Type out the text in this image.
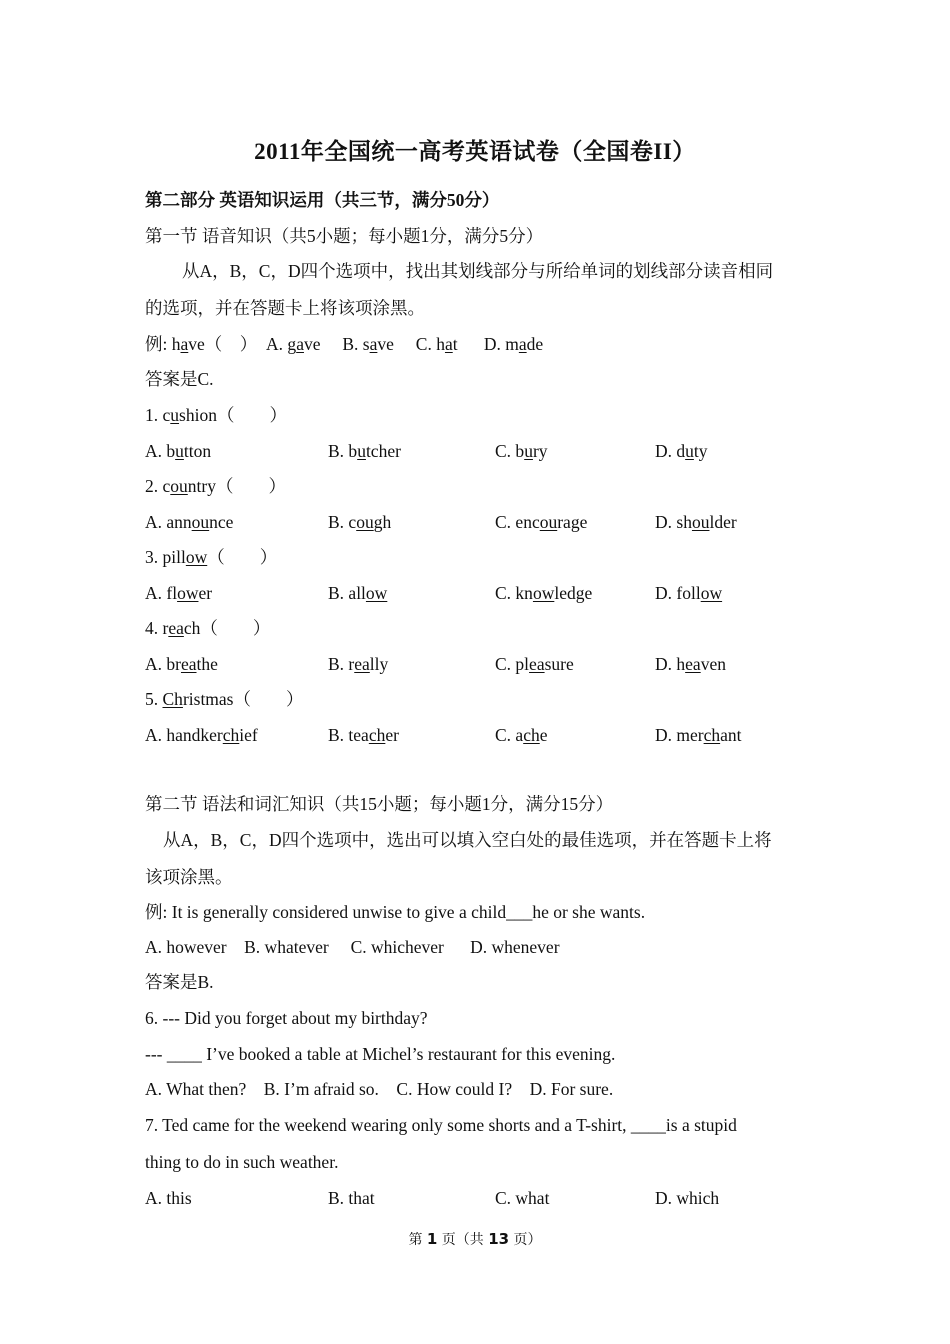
2011年全国统一高考英语试卷（全国卷II）
第二部分 英语知识运用（共三节，满分50分）
第一节 语音知识（共5小题；每小题1分，满分5分）
从A，B，C，D四个选项中，找出其划线部分与所给单词的划线部分读音相同
的选项，并在答题卡上将该项涂黑。
例: have（    ）  A. gave     B. save     C. hat      D. made
答案是C.
1. cushion（        ）
A. button	B. butcher	C. bury	D. duty
2. country（        ）
A. announce	B. cough	C. encourage	D. shoulder
3. pillow（        ）
A. flower	B. allow	C. knowledge	D. follow
4. reach（        ）
A. breathe	B. really	C. pleasure	D. heaven
5. Christmas（        ）
A. handkerchief	B. teacher	C. ache	D. merchant
第二节 语法和词汇知识（共15小题；每小题1分，满分15分）
从A，B，C，D四个选项中，选出可以填入空白处的最佳选项，并在答题卡上将
该项涂黑。
例: It is generally considered unwise to give a child___he or she wants.
A. however    B. whatever     C. whichever      D. whenever
答案是B.
6. --- Did you forget about my birthday?
--- ____ I’ve booked a table at Michel’s restaurant for this evening.
A. What then?    B. I’m afraid so.    C. How could I?    D. For sure.
7. Ted came for the weekend wearing only some shorts and a T-shirt, ____is a stupid
thing to do in such weather.
A. this	B. that	C. what	D. which
第 1 页（共 13 页）
